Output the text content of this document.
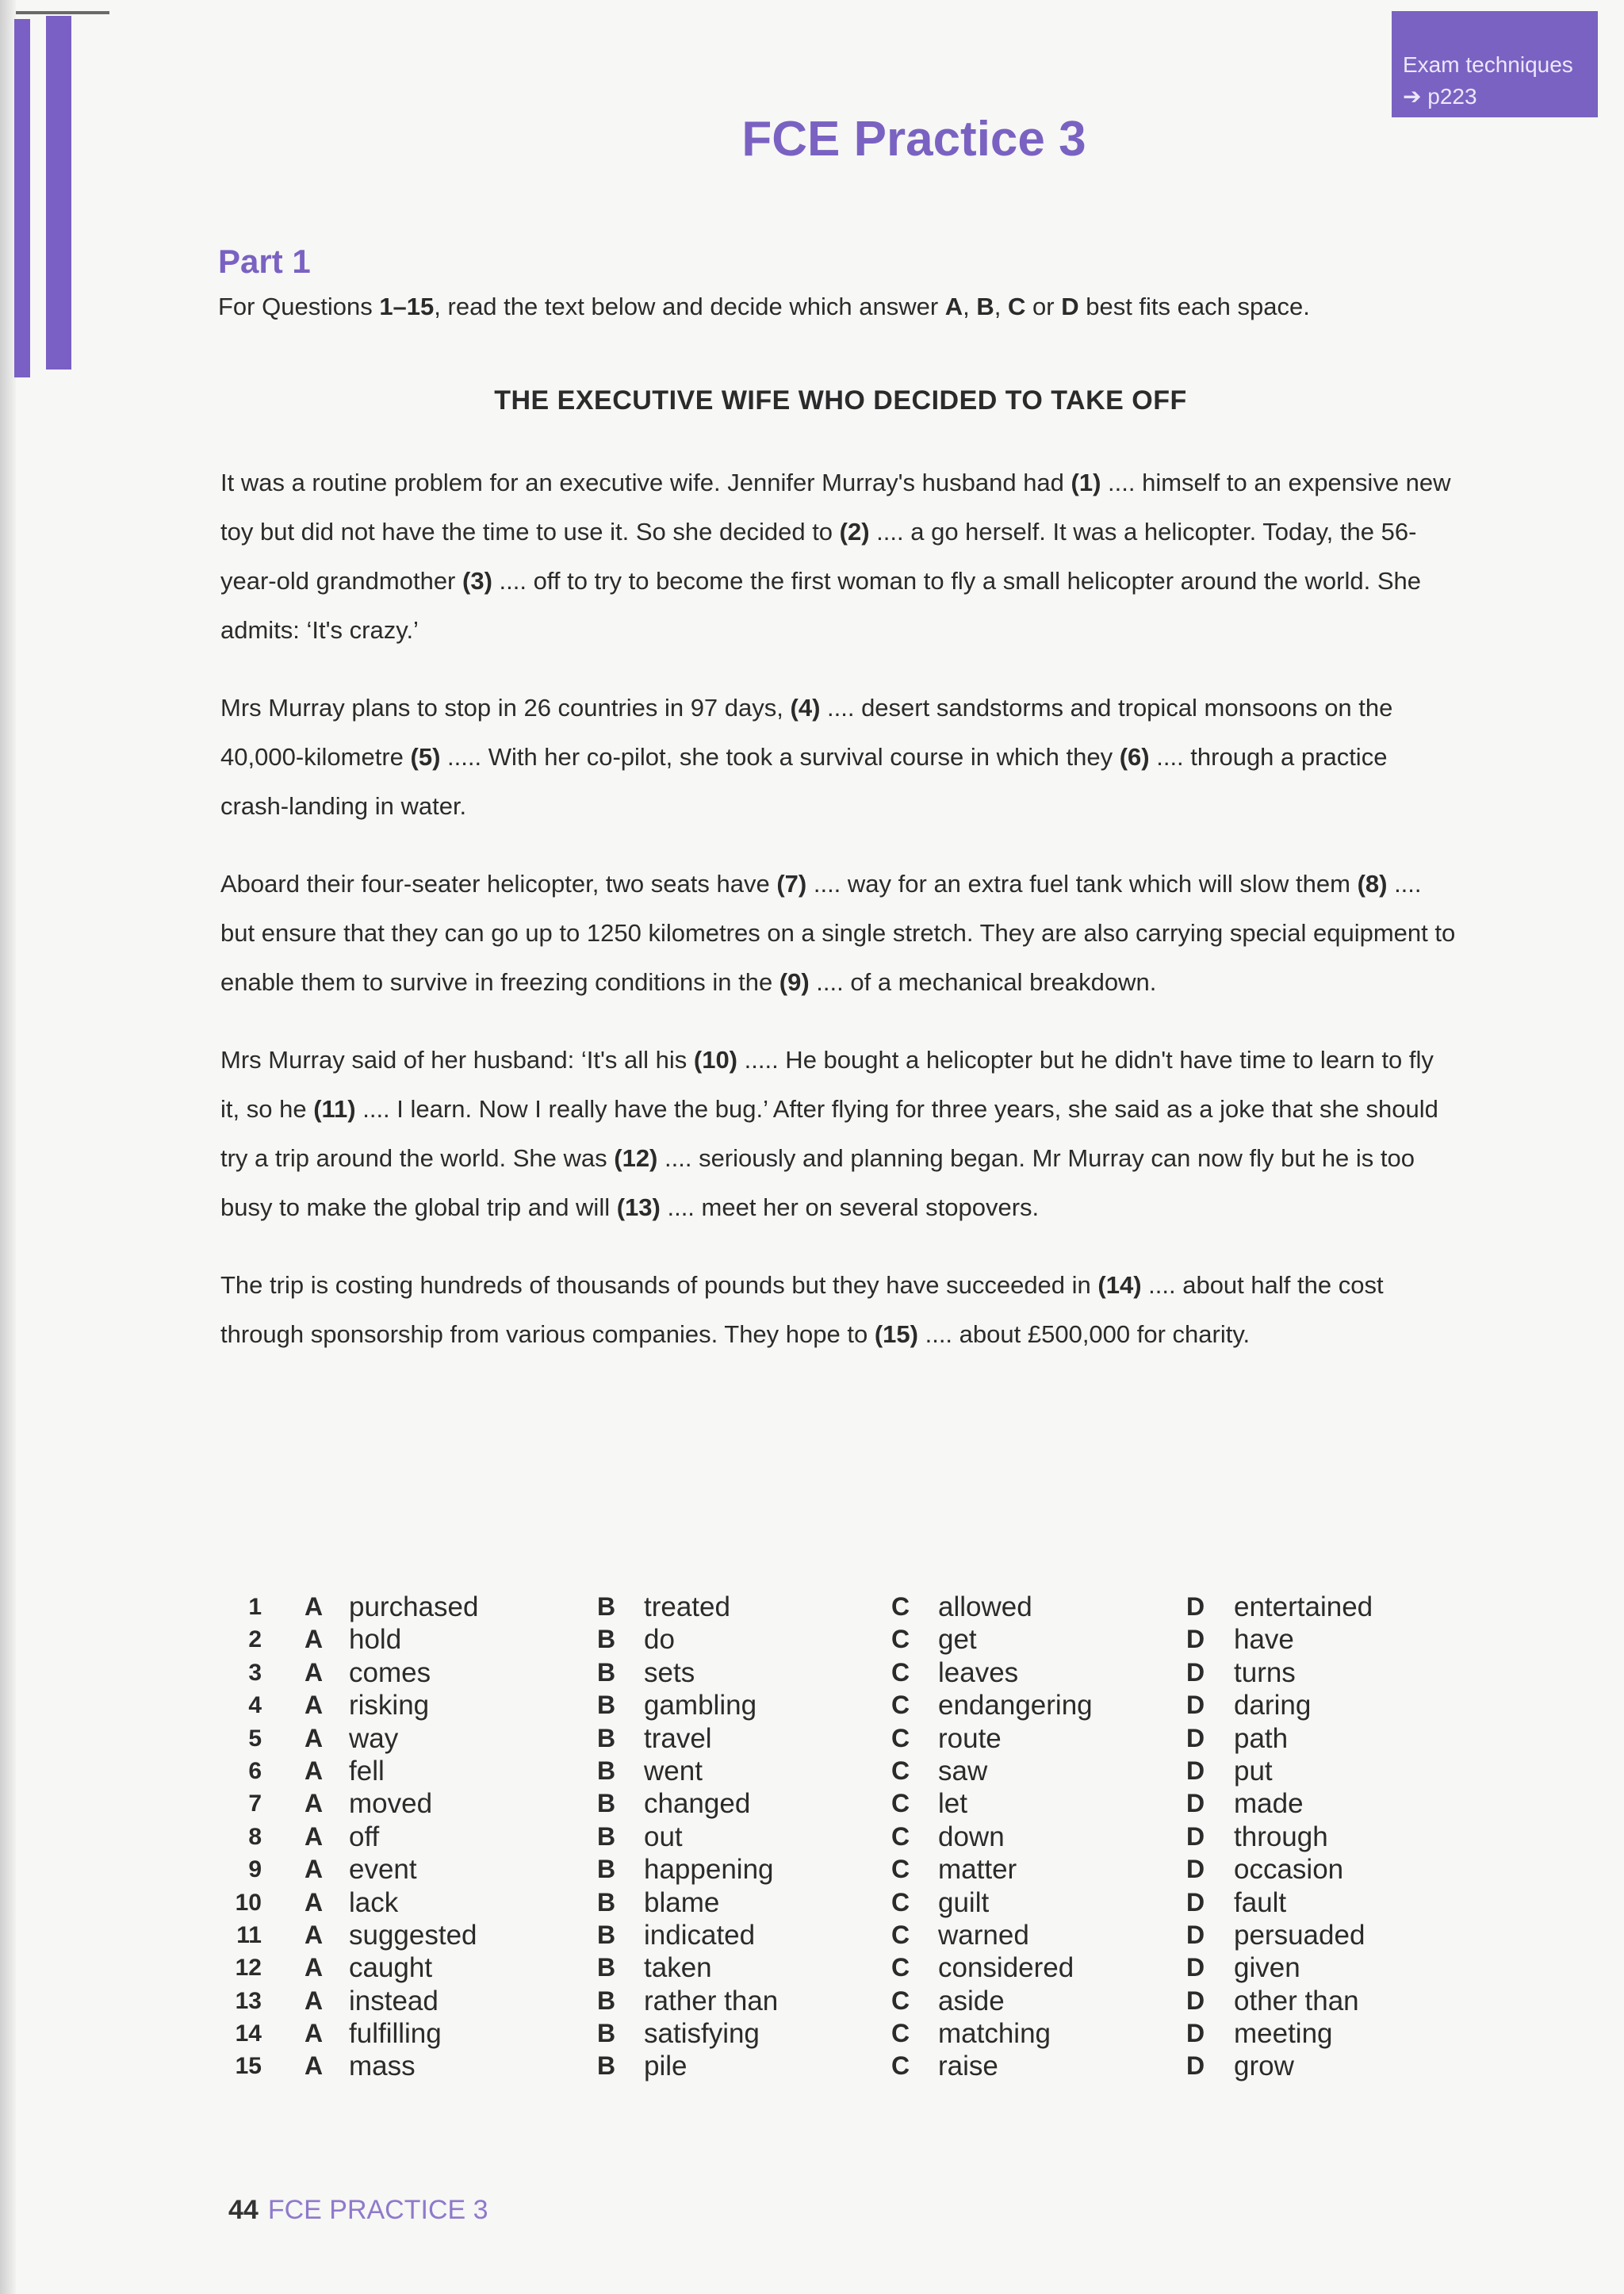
Exam techniques
➔ p223
FCE Practice 3
Part 1
For Questions 1–15, read the text below and decide which answer A, B, C or D best fits each space.
THE EXECUTIVE WIFE WHO DECIDED TO TAKE OFF

It was a routine problem for an executive wife. Jennifer Murray's husband had (1) .... himself to an expensive new toy but did not have the time to use it. So she decided to (2) .... a go herself. It was a helicopter. Today, the 56-year-old grandmother (3) .... off to try to become the first woman to fly a small helicopter around the world. She admits: ‘It's crazy.’

Mrs Murray plans to stop in 26 countries in 97 days, (4) .... desert sandstorms and tropical monsoons on the 40,000-kilometre (5) ..... With her co-pilot, she took a survival course in which they (6) .... through a practice crash-landing in water.

Aboard their four-seater helicopter, two seats have (7) .... way for an extra fuel tank which will slow them (8) .... but ensure that they can go up to 1250 kilometres on a single stretch. They are also carrying special equipment to enable them to survive in freezing conditions in the (9) .... of a mechanical breakdown.

Mrs Murray said of her husband: ‘It's all his (10) ..... He bought a helicopter but he didn't have time to learn to fly it, so he (11) .... I learn. Now I really have the bug.’ After flying for three years, she said as a joke that she should try a trip around the world. She was (12) .... seriously and planning began. Mr Murray can now fly but he is too busy to make the global trip and will (13) .... meet her on several stopovers.

The trip is costing hundreds of thousands of pounds but they have succeeded in (14) .... about half the cost through sponsorship from various companies. They hope to (15) .... about £500,000 for charity.

1 A purchased	B treated	C allowed	D entertained
2 A hold	B do	C get	D have
3 A comes	B sets	C leaves	D turns
4 A risking	B gambling	C endangering	D daring
5 A way	B travel	C route	D path
6 A fell	B went	C saw	D put
7 A moved	B changed	C let	D made
8 A off	B out	C down	D through
9 A event	B happening	C matter	D occasion
10 A lack	B blame	C guilt	D fault
11 A suggested	B indicated	C warned	D persuaded
12 A caught	B taken	C considered	D given
13 A instead	B rather than	C aside	D other than
14 A fulfilling	B satisfying	C matching	D meeting
15 A mass	B pile	C raise	D grow
44 FCE PRACTICE 3
